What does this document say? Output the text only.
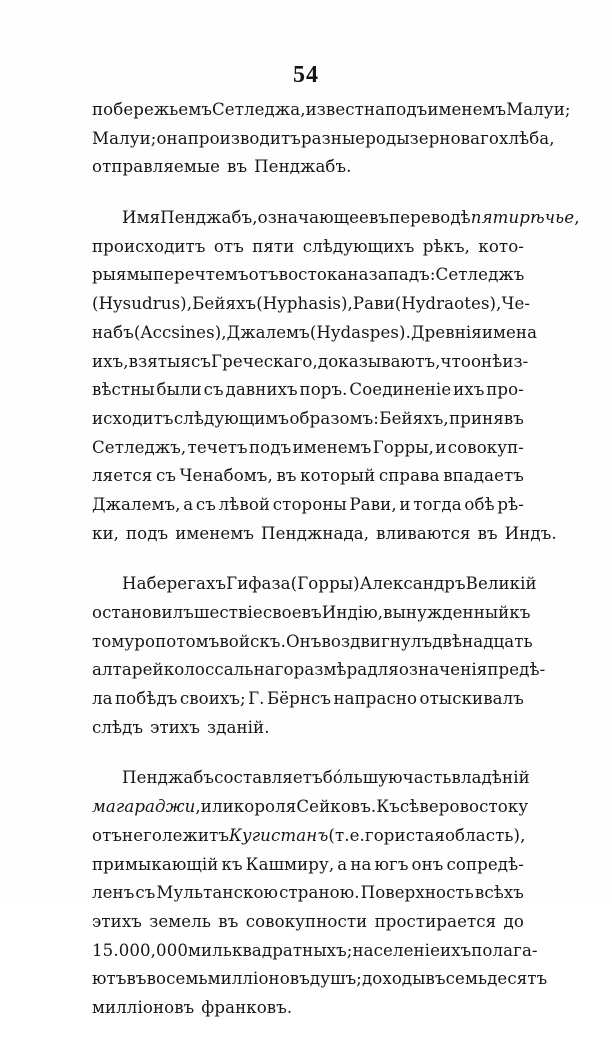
54
побережьемъ Сетледжа, известна подъ именемъ Малуи;
Малуи; она производитъ разные роды зерноваго хлѣба,
отправляемые въ Пенджабъ.
Имя Пенджабъ, означающее въ переводѣ пятирѣчье,
происходитъ отъ пяти слѣдующихъ рѣкъ, кото-
рыя мы перечтемъ отъ востока на западъ: Сетледжъ
(Hysudrus), Бейяхъ (Hyphasis), Рави (Hydraotes), Че-
набъ (Accsines), Джалемъ (Hydaspes). Древнія имена
ихъ, взятыя съ Греческаго, доказываютъ, что онѣ из-
вѣстны были съ давнихъ поръ. Соединеніе ихъ про-
исходитъ слѣдующимъ образомъ: Бейяхъ, принявъ
Сетледжъ, течетъ подъ именемъ Горры, и совокуп-
ляется съ Ченабомъ, въ который справа впадаетъ
Джалемъ, а съ лѣвой стороны Рави, и тогда обѣ рѣ-
ки, подъ именемъ Пенджнада, вливаются въ Индъ.
На берегахъ Гифаза (Горры) Александръ Великій
остановилъ шествіе свое въ Индію, вынужденный къ
тому ропотомъ войскъ. Онъ воздвигнулъ двѣнадцать
алтарей колоссальнаго размѣра для означенія предѣ-
ла побѣдъ своихъ; Г. Бёрнсъ напрасно отыскивалъ
слѣдъ этихъ зданій.
Пенджабъ составляетъ бо́льшую часть владѣній
магараджи, или короля Сейковъ. Къ сѣверовостоку
отъ него лежитъ Кугистанъ (т. е. гористая область),
примыкающій къ Кашмиру, а на югъ онъ сопредѣ-
ленъ съ Мультанскою страною. Поверхность всѣхъ
этихъ земель въ совокупности простирается до
15.000,000 миль квадратныхъ; населеніе ихъ полага-
ютъ въ восемь милліоновъ душъ; доходы въ семьдесятъ
милліоновъ франковъ.
